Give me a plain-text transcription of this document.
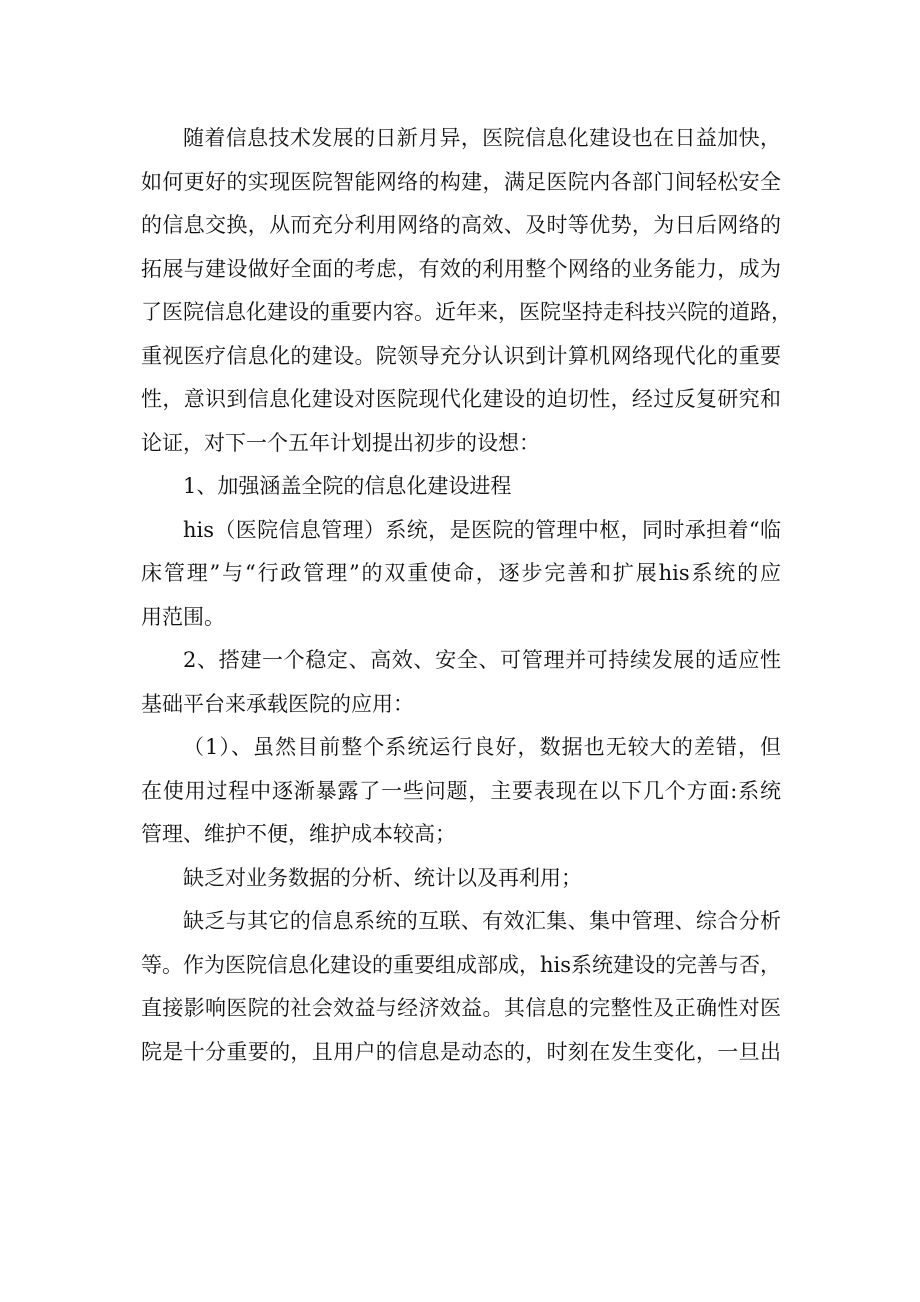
随着信息技术发展的日新月异，医院信息化建设也在日益加快，
如何更好的实现医院智能网络的构建，满足医院内各部门间轻松安全
的信息交换，从而充分利用网络的高效、及时等优势，为日后网络的
拓展与建设做好全面的考虑，有效的利用整个网络的业务能力，成为
了医院信息化建设的重要内容。近年来，医院坚持走科技兴院的道路，
重视医疗信息化的建设。院领导充分认识到计算机网络现代化的重要
性，意识到信息化建设对医院现代化建设的迫切性，经过反复研究和
论证，对下一个五年计划提出初步的设想：
1、加强涵盖全院的信息化建设进程
his（医院信息管理）系统，是医院的管理中枢，同时承担着“临
床管理”与“行政管理”的双重使命，逐步完善和扩展his系统的应
用范围。
2、搭建一个稳定、高效、安全、可管理并可持续发展的适应性
基础平台来承载医院的应用：
（1）、虽然目前整个系统运行良好，数据也无较大的差错，但
在使用过程中逐渐暴露了一些问题，主要表现在以下几个方面:系统
管理、维护不便，维护成本较高；
缺乏对业务数据的分析、统计以及再利用；
缺乏与其它的信息系统的互联、有效汇集、集中管理、综合分析
等。作为医院信息化建设的重要组成部成，his系统建设的完善与否，
直接影响医院的社会效益与经济效益。其信息的完整性及正确性对医
院是十分重要的，且用户的信息是动态的，时刻在发生变化，一旦出
